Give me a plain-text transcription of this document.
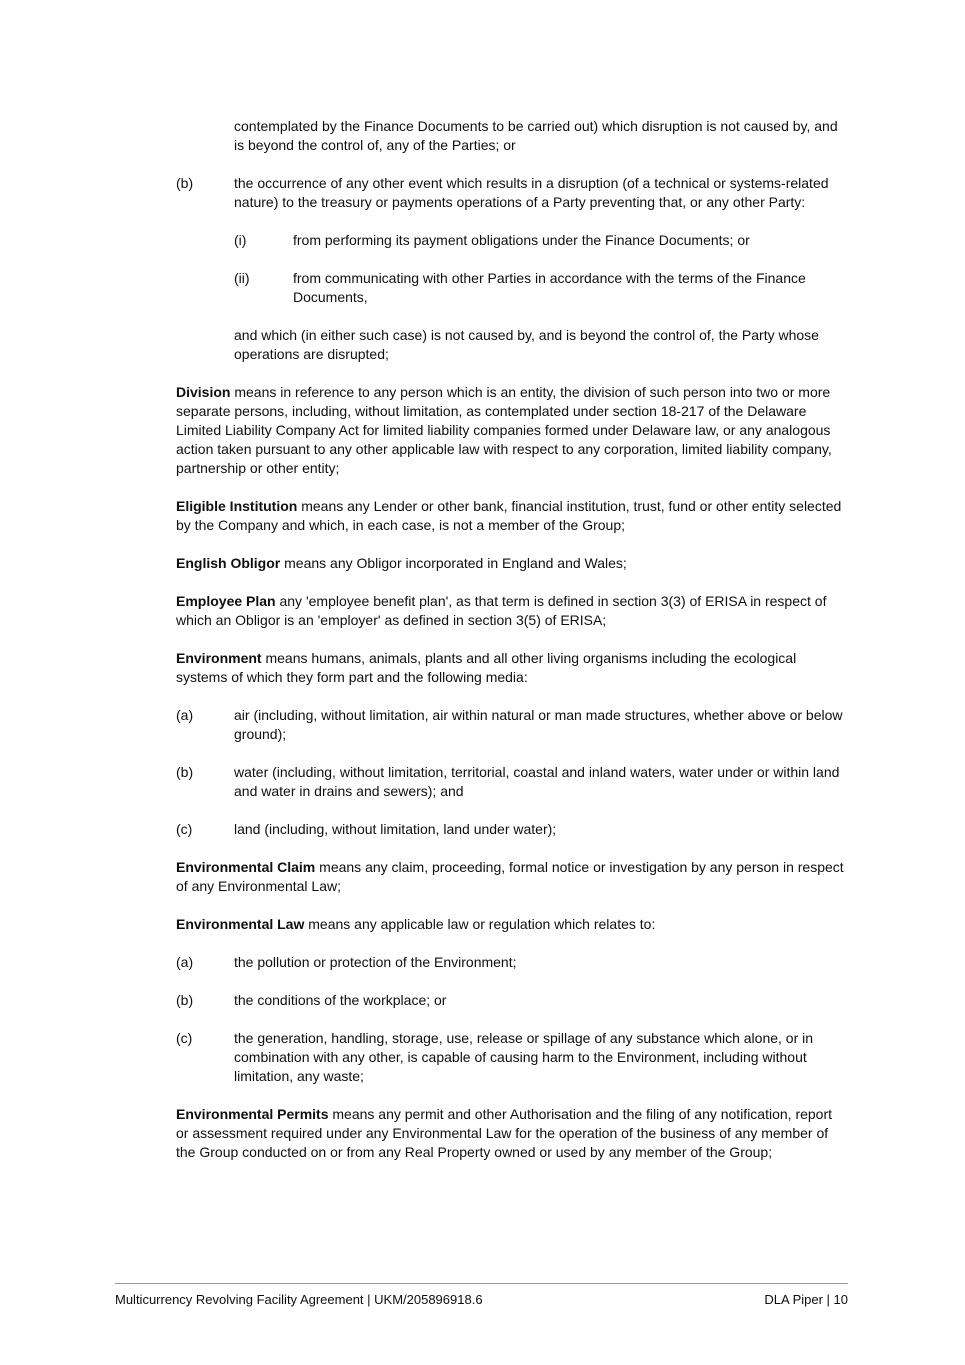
contemplated by the Finance Documents to be carried out) which disruption is not caused by, and is beyond the control of, any of the Parties; or
(b)	the occurrence of any other event which results in a disruption (of a technical or systems-related nature) to the treasury or payments operations of a Party preventing that, or any other Party:
(i)	from performing its payment obligations under the Finance Documents; or
(ii)	from communicating with other Parties in accordance with the terms of the Finance Documents,
and which (in either such case) is not caused by, and is beyond the control of, the Party whose operations are disrupted;
Division means in reference to any person which is an entity, the division of such person into two or more separate persons, including, without limitation, as contemplated under section 18-217 of the Delaware Limited Liability Company Act for limited liability companies formed under Delaware law, or any analogous action taken pursuant to any other applicable law with respect to any corporation, limited liability company, partnership or other entity;
Eligible Institution means any Lender or other bank, financial institution, trust, fund or other entity selected by the Company and which, in each case, is not a member of the Group;
English Obligor means any Obligor incorporated in England and Wales;
Employee Plan any 'employee benefit plan', as that term is defined in section 3(3) of ERISA in respect of which an Obligor is an 'employer' as defined in section 3(5) of ERISA;
Environment means humans, animals, plants and all other living organisms including the ecological systems of which they form part and the following media:
(a)	air (including, without limitation, air within natural or man made structures, whether above or below ground);
(b)	water (including, without limitation, territorial, coastal and inland waters, water under or within land and water in drains and sewers); and
(c)	land (including, without limitation, land under water);
Environmental Claim means any claim, proceeding, formal notice or investigation by any person in respect of any Environmental Law;
Environmental Law means any applicable law or regulation which relates to:
(a)	the pollution or protection of the Environment;
(b)	the conditions of the workplace; or
(c)	the generation, handling, storage, use, release or spillage of any substance which alone, or in combination with any other, is capable of causing harm to the Environment, including without limitation, any waste;
Environmental Permits means any permit and other Authorisation and the filing of any notification, report or assessment required under any Environmental Law for the operation of the business of any member of the Group conducted on or from any Real Property owned or used by any member of the Group;
Multicurrency Revolving Facility Agreement | UKM/205896918.6	DLA Piper | 10
